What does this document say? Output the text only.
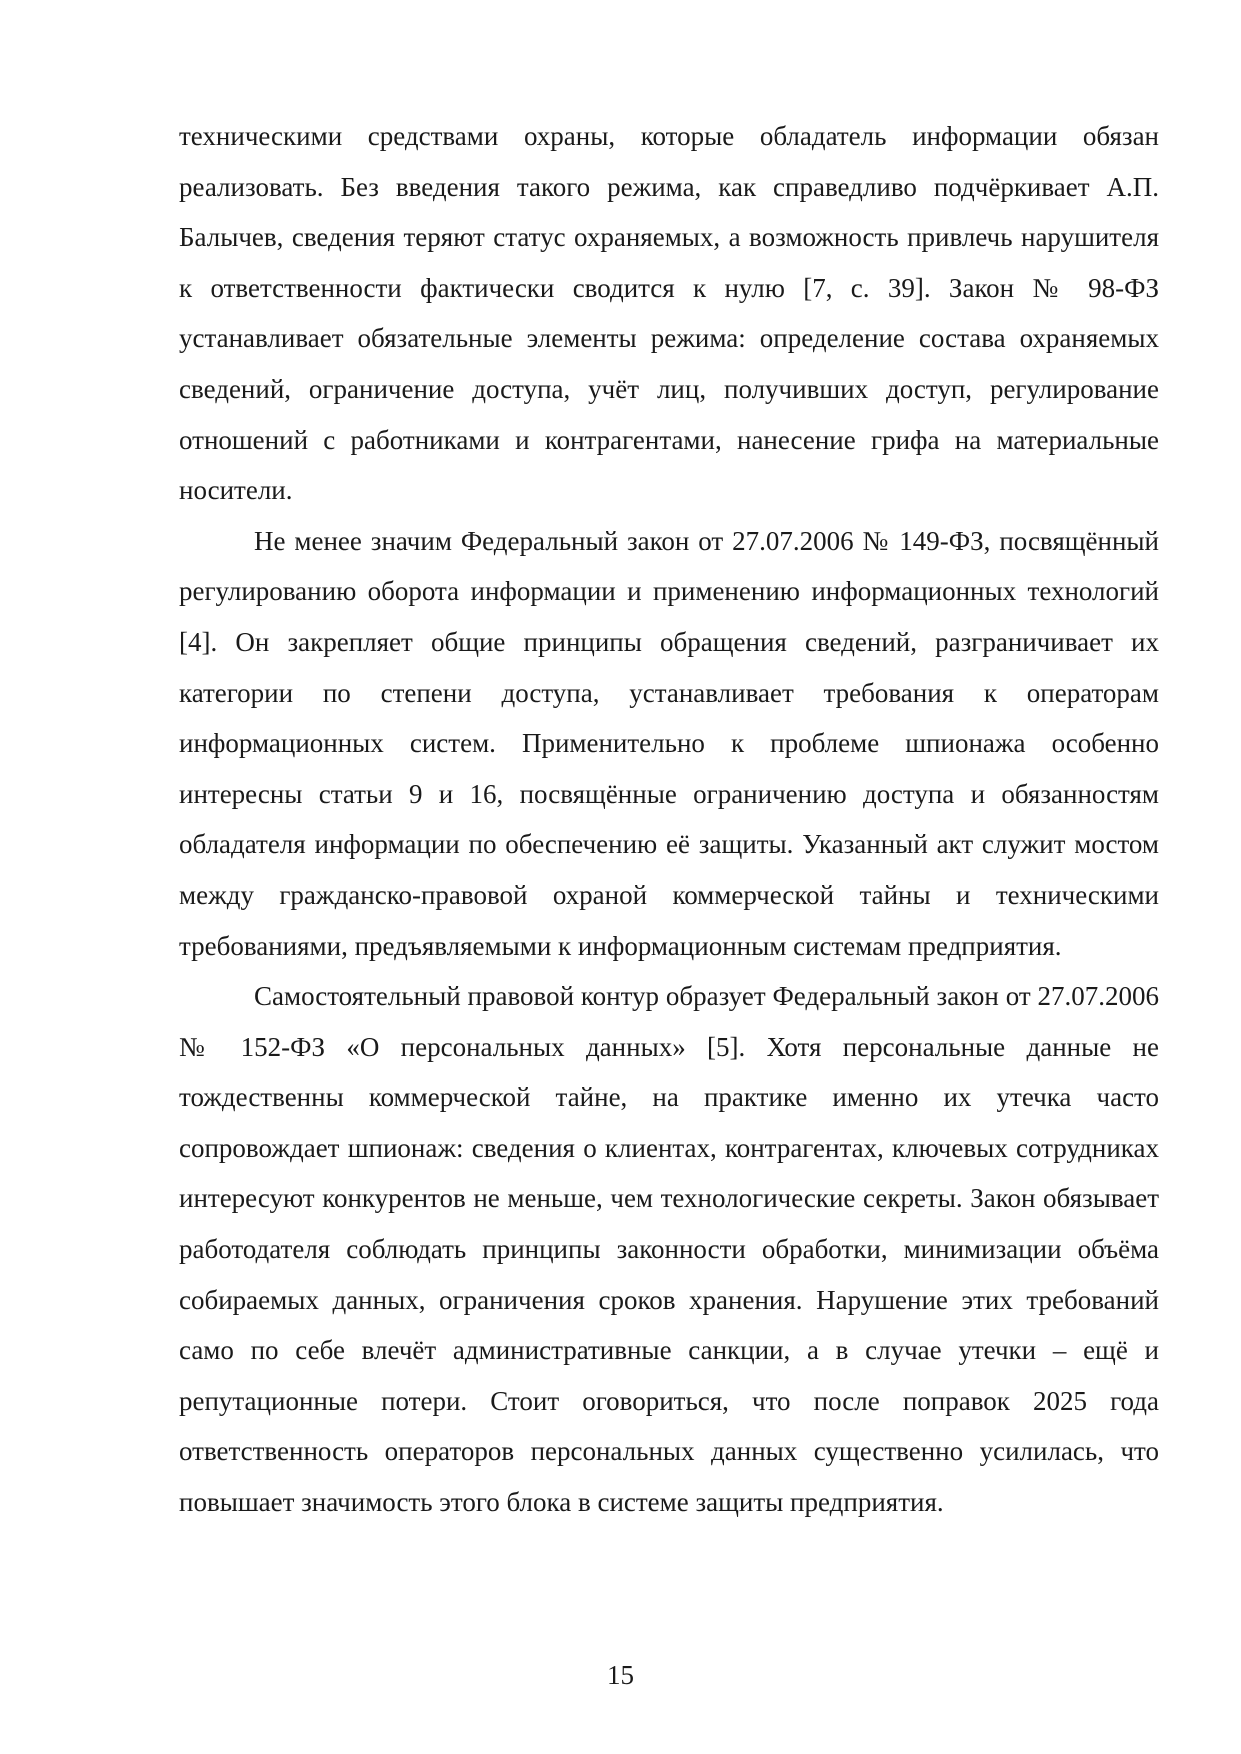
техническими средствами охраны, которые обладатель информации обязан реализовать. Без введения такого режима, как справедливо подчёркивает А.П. Балычев, сведения теряют статус охраняемых, а возможность привлечь нарушителя к ответственности фактически сводится к нулю [7, с. 39]. Закон № 98-ФЗ устанавливает обязательные элементы режима: определение состава охраняемых сведений, ограничение доступа, учёт лиц, получивших доступ, регулирование отношений с работниками и контрагентами, нанесение грифа на материальные носители.

Не менее значим Федеральный закон от 27.07.2006 № 149-ФЗ, посвящённый регулированию оборота информации и применению информационных технологий [4]. Он закрепляет общие принципы обращения сведений, разграничивает их категории по степени доступа, устанавливает требования к операторам информационных систем. Применительно к проблеме шпионажа особенно интересны статьи 9 и 16, посвящённые ограничению доступа и обязанностям обладателя информации по обеспечению её защиты. Указанный акт служит мостом между гражданско-правовой охраной коммерческой тайны и техническими требованиями, предъявляемыми к информационным системам предприятия.

Самостоятельный правовой контур образует Федеральный закон от 27.07.2006 № 152-ФЗ «О персональных данных» [5]. Хотя персональные данные не тождественны коммерческой тайне, на практике именно их утечка часто сопровождает шпионаж: сведения о клиентах, контрагентах, ключевых сотрудниках интересуют конкурентов не меньше, чем технологические секреты. Закон обязывает работодателя соблюдать принципы законности обработки, минимизации объёма собираемых данных, ограничения сроков хранения. Нарушение этих требований само по себе влечёт административные санкции, а в случае утечки – ещё и репутационные потери. Стоит оговориться, что после поправок 2025 года ответственность операторов персональных данных существенно усилилась, что повышает значимость этого блока в системе защиты предприятия.

15
